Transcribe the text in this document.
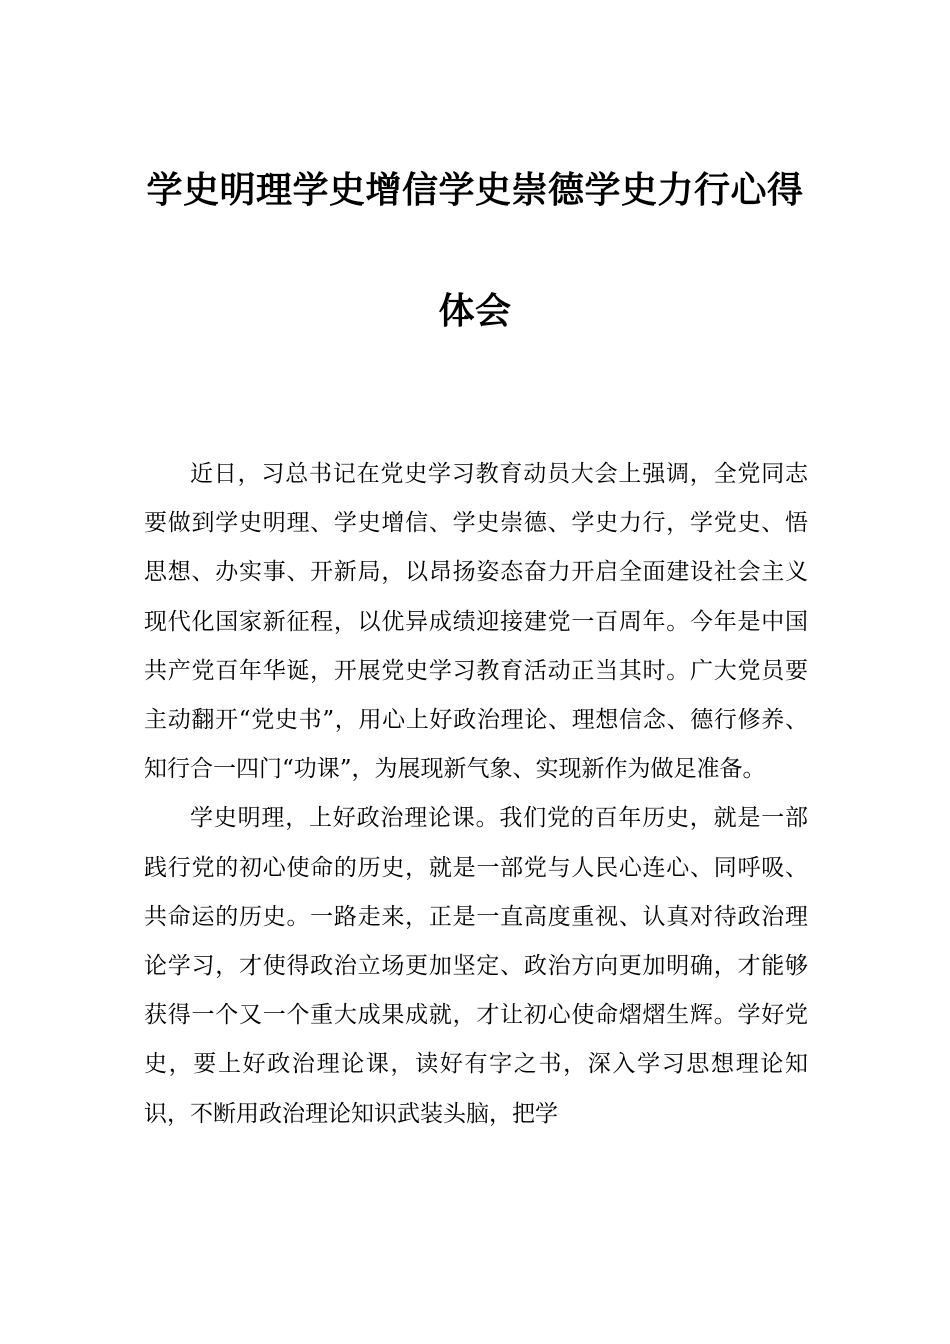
学史明理学史增信学史崇德学史力行心得
体会

近日，习总书记在党史学习教育动员大会上强调，全党同志要做到学史明理、学史增信、学史崇德、学史力行，学党史、悟思想、办实事、开新局，以昂扬姿态奋力开启全面建设社会主义现代化国家新征程，以优异成绩迎接建党一百周年。今年是中国共产党百年华诞，开展党史学习教育活动正当其时。广大党员要主动翻开“党史书”，用心上好政治理论、理想信念、德行修养、知行合一四门“功课”，为展现新气象、实现新作为做足准备。

学史明理，上好政治理论课。我们党的百年历史，就是一部践行党的初心使命的历史，就是一部党与人民心连心、同呼吸、共命运的历史。一路走来，正是一直高度重视、认真对待政治理论学习，才使得政治立场更加坚定、政治方向更加明确，才能够获得一个又一个重大成果成就，才让初心使命熠熠生辉。学好党史，要上好政治理论课，读好有字之书，深入学习思想理论知识，不断用政治理论知识武装头脑，把学
